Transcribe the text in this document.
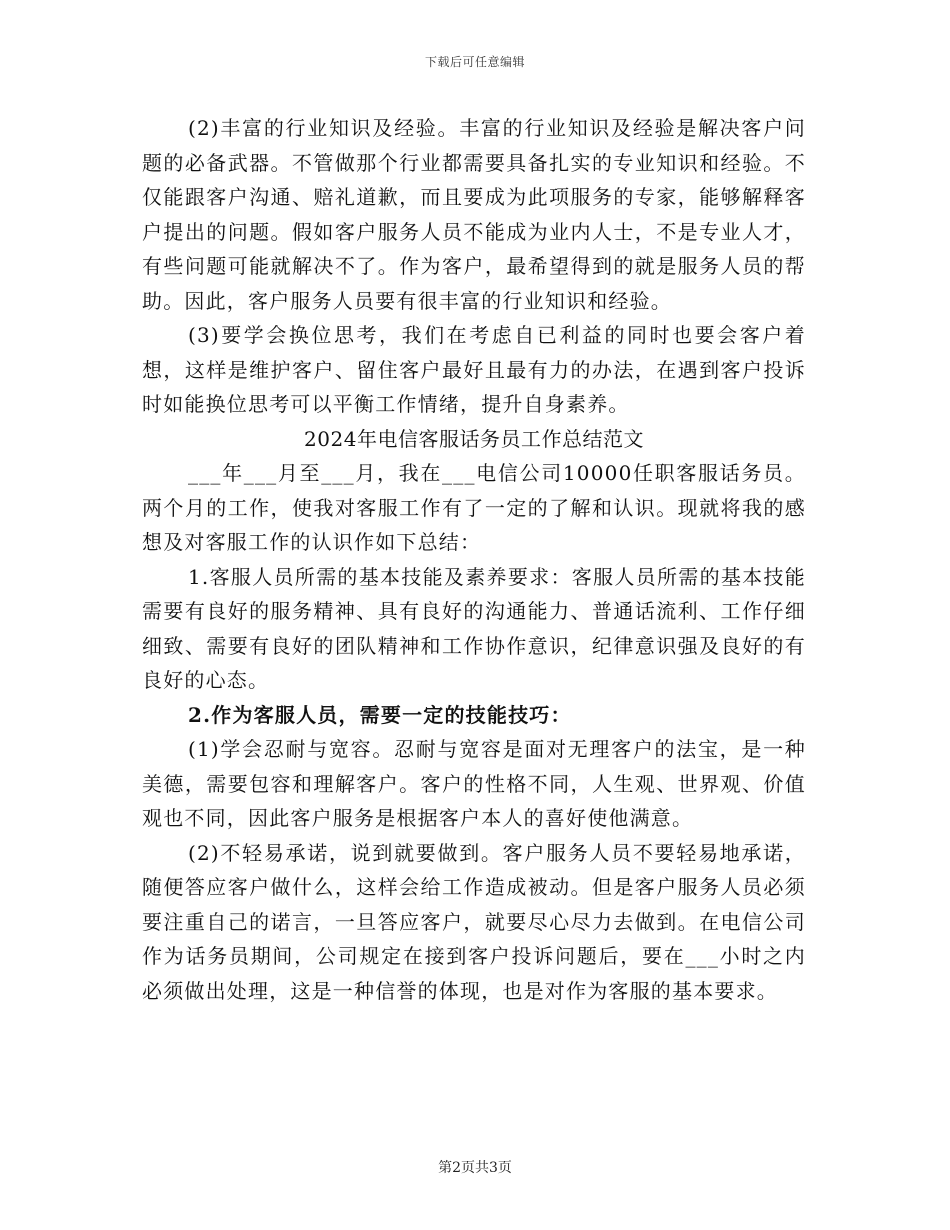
下载后可任意编辑

(2)丰富的行业知识及经验。丰富的行业知识及经验是解决客户问题的必备武器。不管做那个行业都需要具备扎实的专业知识和经验。不仅能跟客户沟通、赔礼道歉，而且要成为此项服务的专家，能够解释客户提出的问题。假如客户服务人员不能成为业内人士，不是专业人才，有些问题可能就解决不了。作为客户，最希望得到的就是服务人员的帮助。因此，客户服务人员要有很丰富的行业知识和经验。

(3)要学会换位思考，我们在考虑自已利益的同时也要会客户着想，这样是维护客户、留住客户最好且最有力的办法，在遇到客户投诉时如能换位思考可以平衡工作情绪，提升自身素养。

2024年电信客服话务员工作总结范文

___年___月至___月，我在___电信公司10000任职客服话务员。两个月的工作，使我对客服工作有了一定的了解和认识。现就将我的感想及对客服工作的认识作如下总结：

1.客服人员所需的基本技能及素养要求：客服人员所需的基本技能需要有良好的服务精神、具有良好的沟通能力、普通话流利、工作仔细细致、需要有良好的团队精神和工作协作意识，纪律意识强及良好的有良好的心态。

2.作为客服人员，需要一定的技能技巧：

(1)学会忍耐与宽容。忍耐与宽容是面对无理客户的法宝，是一种美德，需要包容和理解客户。客户的性格不同，人生观、世界观、价值观也不同，因此客户服务是根据客户本人的喜好使他满意。

(2)不轻易承诺，说到就要做到。客户服务人员不要轻易地承诺，随便答应客户做什么，这样会给工作造成被动。但是客户服务人员必须要注重自己的诺言，一旦答应客户，就要尽心尽力去做到。在电信公司作为话务员期间，公司规定在接到客户投诉问题后，要在___小时之内必须做出处理，这是一种信誉的体现，也是对作为客服的基本要求。

第2页共3页
